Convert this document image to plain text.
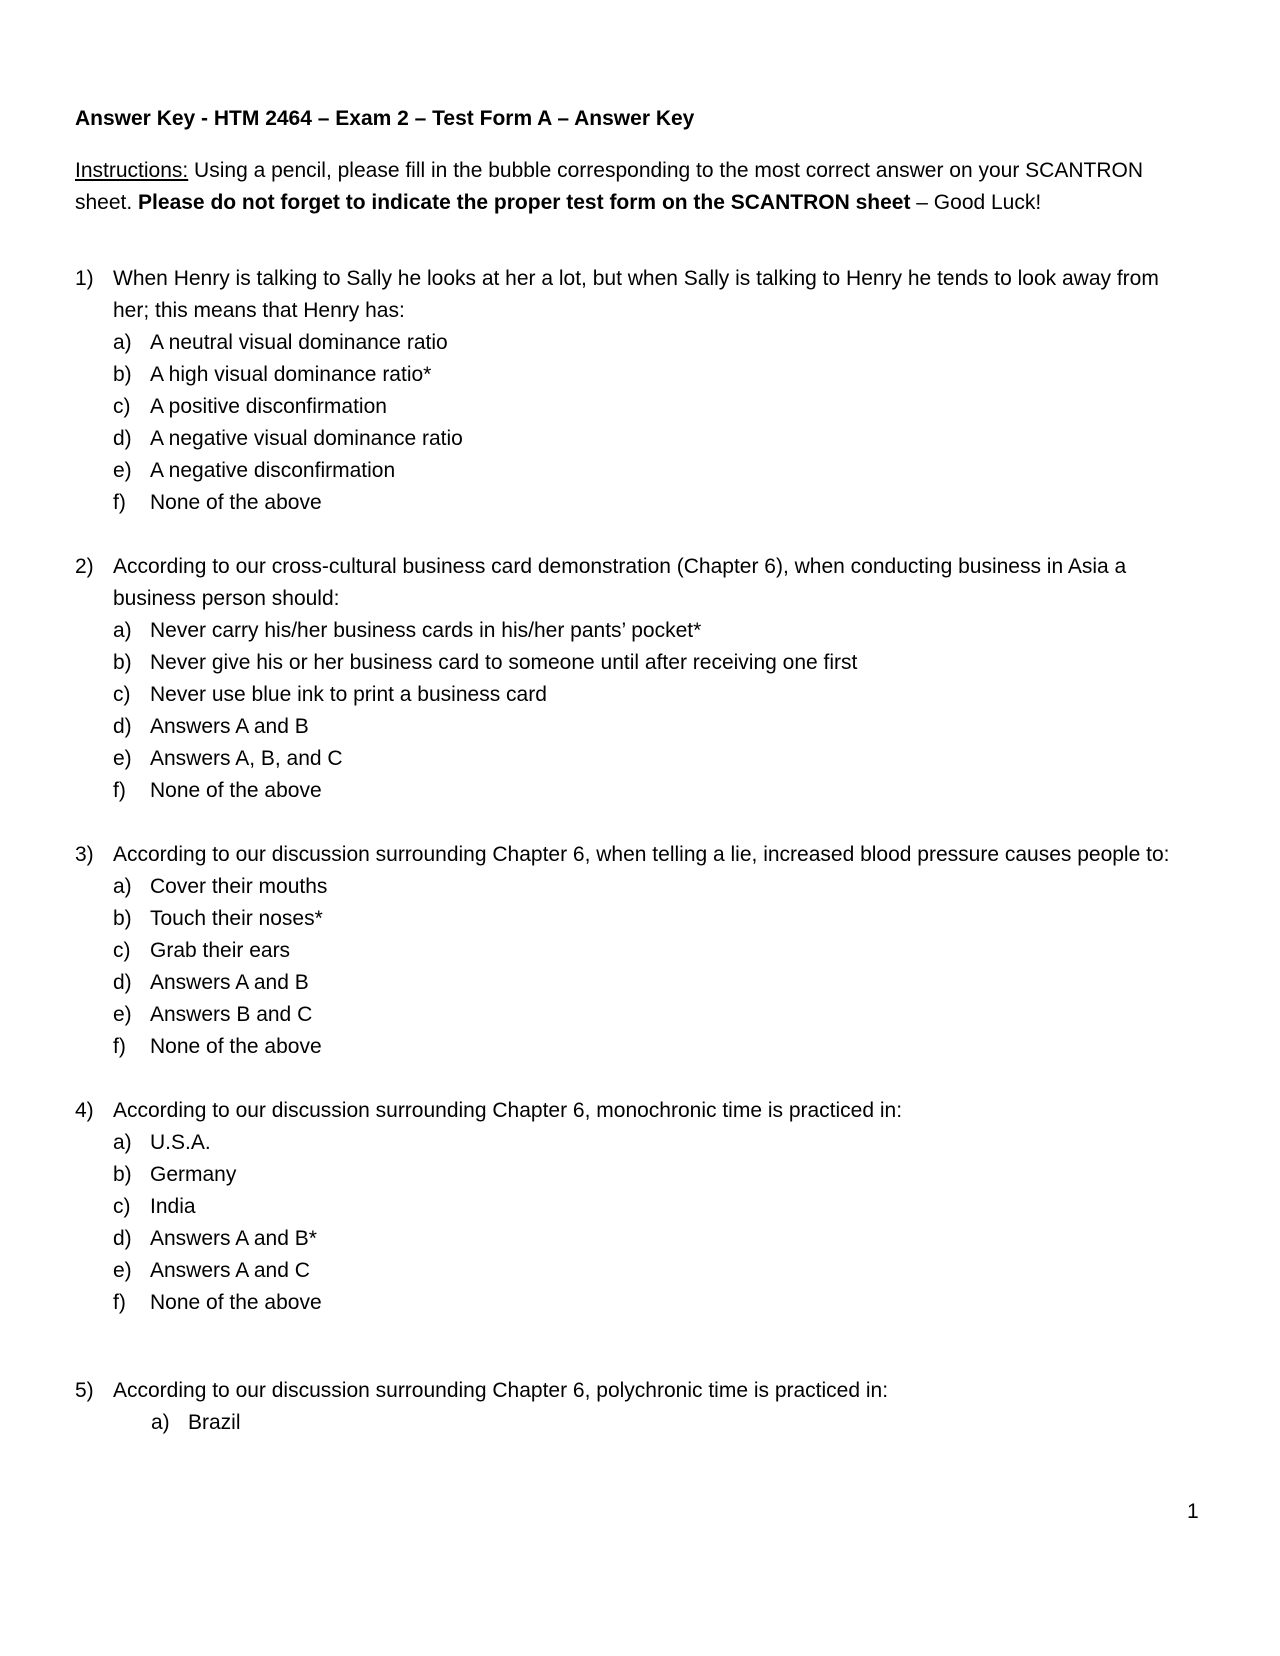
Answer Key - HTM 2464 – Exam 2 – Test Form A – Answer Key
Instructions: Using a pencil, please fill in the bubble corresponding to the most correct answer on your SCANTRON sheet. Please do not forget to indicate the proper test form on the SCANTRON sheet – Good Luck!
1) When Henry is talking to Sally he looks at her a lot, but when Sally is talking to Henry he tends to look away from her; this means that Henry has:
a) A neutral visual dominance ratio
b) A high visual dominance ratio*
c) A positive disconfirmation
d) A negative visual dominance ratio
e) A negative disconfirmation
f)	None of the above
2) According to our cross-cultural business card demonstration (Chapter 6), when conducting business in Asia a business person should:
a) Never carry his/her business cards in his/her pants’ pocket*
b) Never give his or her business card to someone until after receiving one first
c) Never use blue ink to print a business card
d) Answers A and B
e) Answers A, B, and C
f)	None of the above
3) According to our discussion surrounding Chapter 6, when telling a lie, increased blood pressure causes people to:
a) Cover their mouths
b) Touch their noses*
c) Grab their ears
d) Answers A and B
e) Answers B and C
f)	None of the above
4) According to our discussion surrounding Chapter 6, monochronic time is practiced in:
a) U.S.A.
b) Germany
c) India
d) Answers A and B*
e) Answers A and C
f)	None of the above
5) According to our discussion surrounding Chapter 6, polychronic time is practiced in:
a) Brazil
1
